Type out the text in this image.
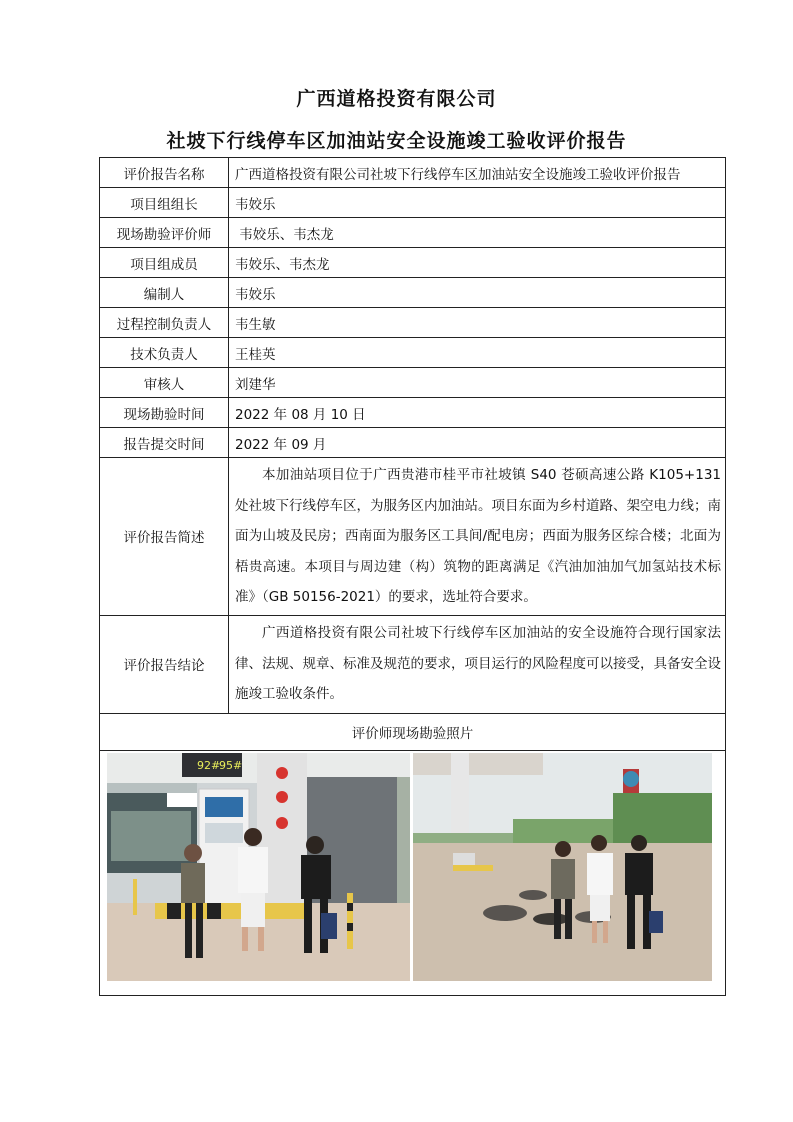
广西道格投资有限公司
社坡下行线停车区加油站安全设施竣工验收评价报告
评价报告名称	广西道格投资有限公司社坡下行线停车区加油站安全设施竣工验收评价报告
项目组组长	韦姣乐
现场勘验评价师	韦姣乐、韦杰龙
项目组成员	韦姣乐、韦杰龙
编制人	韦姣乐
过程控制负责人	韦生敏
技术负责人	王桂英
审核人	刘建华
现场勘验时间	2022 年 08 月 10 日
报告提交时间	2022 年 09 月
评价报告简述	本加油站项目位于广西贵港市桂平市社坡镇 S40 苍硕高速公路 K105+131 处社坡下行线停车区，为服务区内加油站。项目东面为乡村道路、架空电力线；南面为山坡及民房；西南面为服务区工具间/配电房；西面为服务区综合楼；北面为梧贵高速。本项目与周边建（构）筑物的距离满足《汽油加油加气加氢站技术标准》（GB 50156-2021）的要求，选址符合要求。

评价报告结论	广西道格投资有限公司社坡下行线停车区加油站的安全设施符合现行国家法律、法规、规章、标准及规范的要求，项目运行的风险程度可以接受，具备安全设施竣工验收条件。

评价师现场勘验照片	

92#
95#	
